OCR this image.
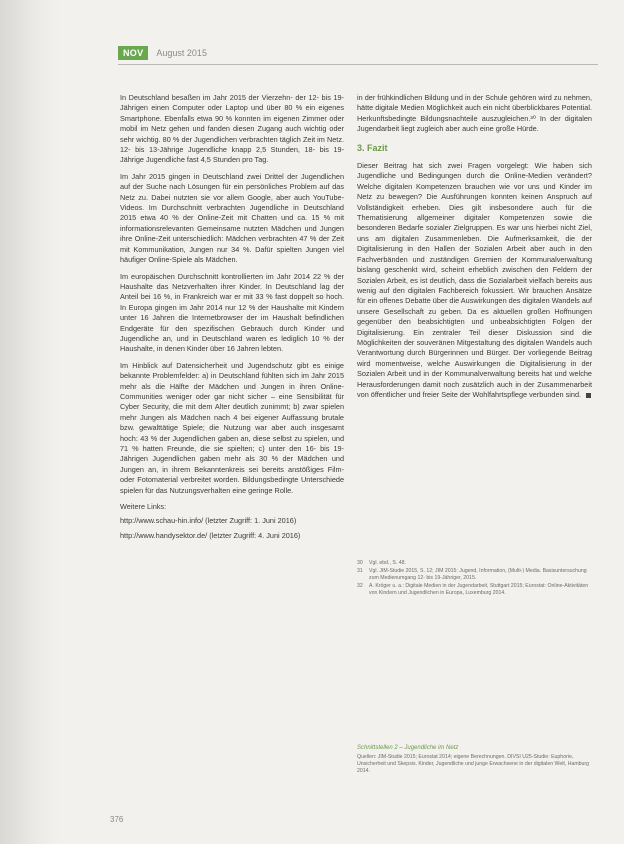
NOV	August 2015

In Deutschland besaßen im Jahr 2015 der Vierzehn- der 12- bis 19-Jährigen einen Computer oder Laptop und über 80 % ein eigenes Smartphone. Ebenfalls etwa 90 % konnten im eigenen Zimmer oder mobil im Netz gehen und fanden diesen Zugang auch wichtig oder sehr wichtig. 80 % der Jugendlichen verbrachten täglich Zeit im Netz. 12- bis 13-Jährige Jugendliche knapp 2,5 Stunden, 18- bis 19-Jährige Jugendliche fast 4,5 Stunden pro Tag.

Im Jahr 2015 gingen in Deutschland zwei Drittel der Jugendlichen auf der Suche nach Lösungen für ein persönliches Problem auf das Netz zu. Dabei nutzten sie vor allem Google, aber auch YouTube-Videos. Im Durchschnitt verbrachten Jugendliche in Deutschland 2015 etwa 40 % der Online-Zeit mit Chatten und ca. 15 % mit informationsrelevanten Gemeinsame nutzten Mädchen und Jungen ihre Online-Zeit unterschiedlich: Mädchen verbrachten 47 % der Zeit mit Kommunikation, Jungen nur 34 %. Dafür spielten Jungen viel häufiger Online-Spiele als Mädchen.

Im europäischen Durchschnitt kontrollierten im Jahr 2014 22 % der Haushalte das Netzverhalten ihrer Kinder. In Deutschland lag der Anteil bei 16 %, in Frankreich war er mit 33 % fast doppelt so hoch. In Europa gingen im Jahr 2014 nur 12 % der Haushalte mit Kindern unter 16 Jahren die Internetbrowser der im Haushalt befindlichen Endgeräte für den spezifischen Gebrauch durch Kinder und Jugendliche an, und in Deutschland waren es lediglich 10 % der Haushalte, in denen Kinder über 16 Jahren lebten.

Im Hinblick auf Datensicherheit und Jugendschutz gibt es einige bekannte Problemfelder: a) in Deutschland fühlten sich im Jahr 2015 mehr als die Hälfte der Mädchen und Jungen in ihren Online-Communities weniger oder gar nicht sicher – eine Sensibilität für Cyber Security, die mit dem Alter deutlich zunimmt; b) zwar spielen mehr Jungen als Mädchen nach 4 bei eigener Auffassung brutale bzw. gewalttätige Spiele; die Nutzung war aber auch insgesamt hoch: 43 % der Jugendlichen gaben an, diese selbst zu spielen, und 71 % hatten Freunde, die sie spielten; c) unter den 16- bis 19-Jährigen Jugendlichen gaben mehr als 30 % der Mädchen und Jungen an, in ihrem Bekanntenkreis sei bereits anstößiges Film- oder Fotomaterial verbreitet worden. Bildungsbedingte Unterschiede spielen für das Nutzungsverhalten eine geringe Rolle.

Weitere Links:
http://www.schau-hin.info/ (letzter Zugriff: 1. Juni 2016)
http://www.handysektor.de/ (letzter Zugriff: 4. Juni 2016)

in der frühkindlichen Bildung und in der Schule gehören wird zu nehmen, hätte digitale Medien Möglichkeit auch ein nicht überblickbares Potential. Herkunftsbedingte Bildungsnachteile auszugleichen.³⁰ In der digitalen Jugendarbeit liegt zugleich aber auch eine große Hürde.

3. Fazit

Dieser Beitrag hat sich zwei Fragen vorgelegt: Wie haben sich Jugendliche und Bedingungen durch die Online-Medien verändert? Welche digitalen Kompetenzen brauchen wie vor uns und Kinder im Netz zu bewegen? Die Ausführungen konnten keinen Anspruch auf Vollständigkeit erheben. Dies gilt insbesondere auch für die Thematisierung allgemeiner digitaler Kompetenzen sowie die besonderen Bedarfe sozialer Zielgruppen. Es war uns hierbei nicht Ziel, uns am digitalen Zusammenleben. Die Aufmerksamkeit, die der Digitalisierung in den Hallen der Sozialen Arbeit aber auch in den Fachverbänden und zuständigen Gremien der Kommunalverwaltung bislang geschenkt wird, scheint erheblich zwischen den Feldern der Sozialen Arbeit, es ist deutlich, dass die Sozialarbeit vielfach bereits aus wenig auf den digitalen Fachbereich fokussiert. Wir brauchen Ansätze für ein offenes Debatte über die Auswirkungen des digitalen Wandels auf unsere Gesellschaft zu geben. Da es aktuellen großen Hoffnungen gegenüber den beabsichtigten und unbeabsichtigten Folgen der Digitalisierung. Ein zentraler Teil dieser Diskussion sind die Möglichkeiten der souveränen Mitgestaltung des digitalen Wandels auch Verantwortung durch Bürgerinnen und Bürger. Der vorliegende Beitrag wird momentweise, welche Auswirkungen die Digitalisierung in der Sozialen Arbeit und in der Kommunalverwaltung bereits hat und welche Herausforderungen damit noch zusätzlich auch in der Zusammenarbeit von öffentlicher und freier Seite der Wohlfahrtspflege verbunden sind.

30	Vgl. ebd., S. 48.
31	Vgl. JIM-Studie 2015, S. 12; JIM 2015: Jugend, Information, (Multi-) Media. Basisuntersuchung zum Medienumgang 12- bis 19-Jähriger, 2015.
32	A. Kröger u. a.: Digitale Medien in der Jugendarbeit, Stuttgart 2015; Eurostat: Online-Aktivitäten von Kindern und Jugendlichen in Europa, Luxemburg 2014.
Schnittstellen 2 – Jugendliche im Netz
Quellen: JIM-Studie 2015; Eurostat 2014; eigene Berechnungen. DIVSI U25-Studie: Euphorie, Unsicherheit und Skepsis. Kinder, Jugendliche und junge Erwachsene in der digitalen Welt, Hamburg 2014.
376
